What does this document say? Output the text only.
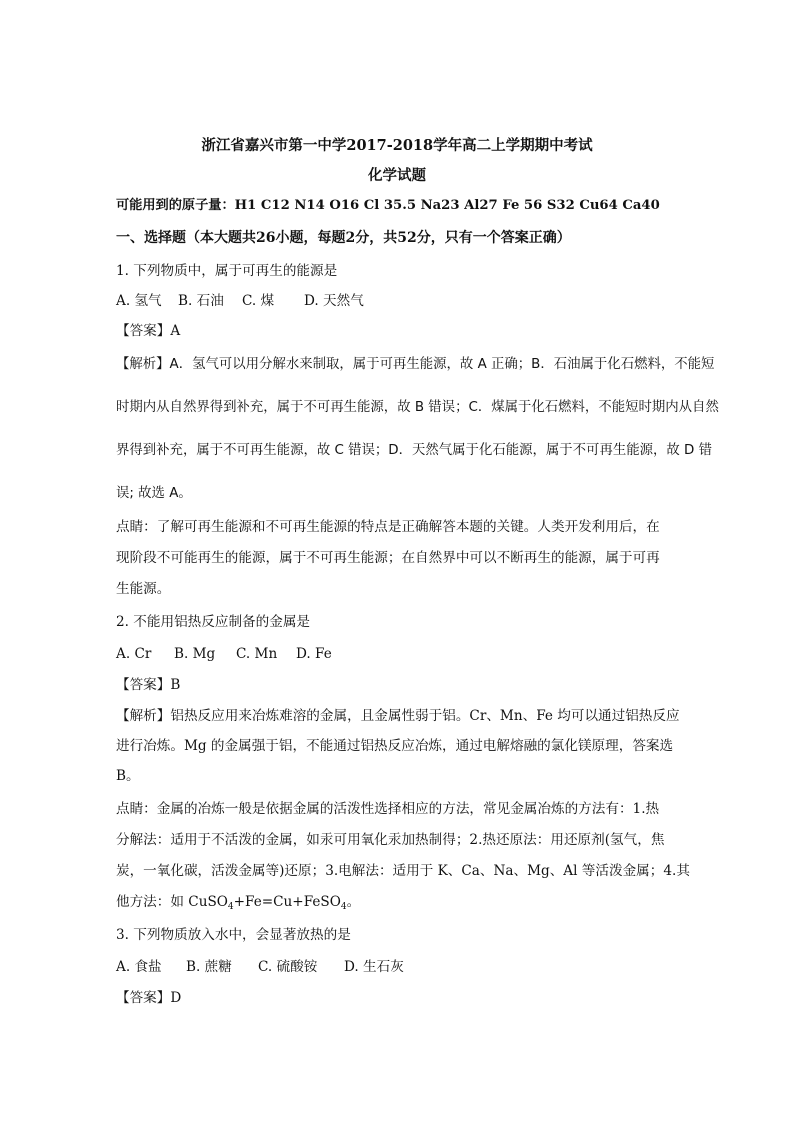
浙江省嘉兴市第一中学2017-2018学年高二上学期期中考试
化学试题
可能用到的原子量：H1 C12 N14 O16 Cl 35.5 Na23 Al27 Fe 56 S32 Cu64 Ca40
一、选择题（本大题共26小题，每题2分，共52分，只有一个答案正确）
1. 下列物质中，属于可再生的能源是
A. 氢气 B. 石油 C. 煤 D. 天然气
【答案】A
【解析】A．氢气可以用分解水来制取，属于可再生能源，故 A 正确；B．石油属于化石燃料，不能短
时期内从自然界得到补充，属于不可再生能源，故 B 错误；C．煤属于化石燃料，不能短时期内从自然
界得到补充，属于不可再生能源，故 C 错误；D．天然气属于化石能源，属于不可再生能源，故 D 错
误; 故选 A。
点睛：了解可再生能源和不可再生能源的特点是正确解答本题的关键。人类开发利用后，在
现阶段不可能再生的能源，属于不可再生能源；在自然界中可以不断再生的能源，属于可再
生能源。
2. 不能用铝热反应制备的金属是
A. Cr B. Mg C. Mn D. Fe
【答案】B
【解析】铝热反应用来冶炼难溶的金属，且金属性弱于铝。Cr、Mn、Fe 均可以通过铝热反应
进行冶炼。Mg 的金属强于铝，不能通过铝热反应冶炼，通过电解熔融的氯化镁原理，答案选
B。
点睛：金属的冶炼一般是依据金属的活泼性选择相应的方法，常见金属冶炼的方法有：1.热
分解法：适用于不活泼的金属，如汞可用氧化汞加热制得；2.热还原法：用还原剂(氢气，焦
炭，一氧化碳，活泼金属等)还原；3.电解法：适用于 K、Ca、Na、Mg、Al 等活泼金属；4.其
他方法：如 CuSO$_4$+Fe=Cu+FeSO$_4$。
3. 下列物质放入水中，会显著放热的是
A. 食盐 B. 蔗糖 C. 硫酸铵 D. 生石灰
【答案】D
